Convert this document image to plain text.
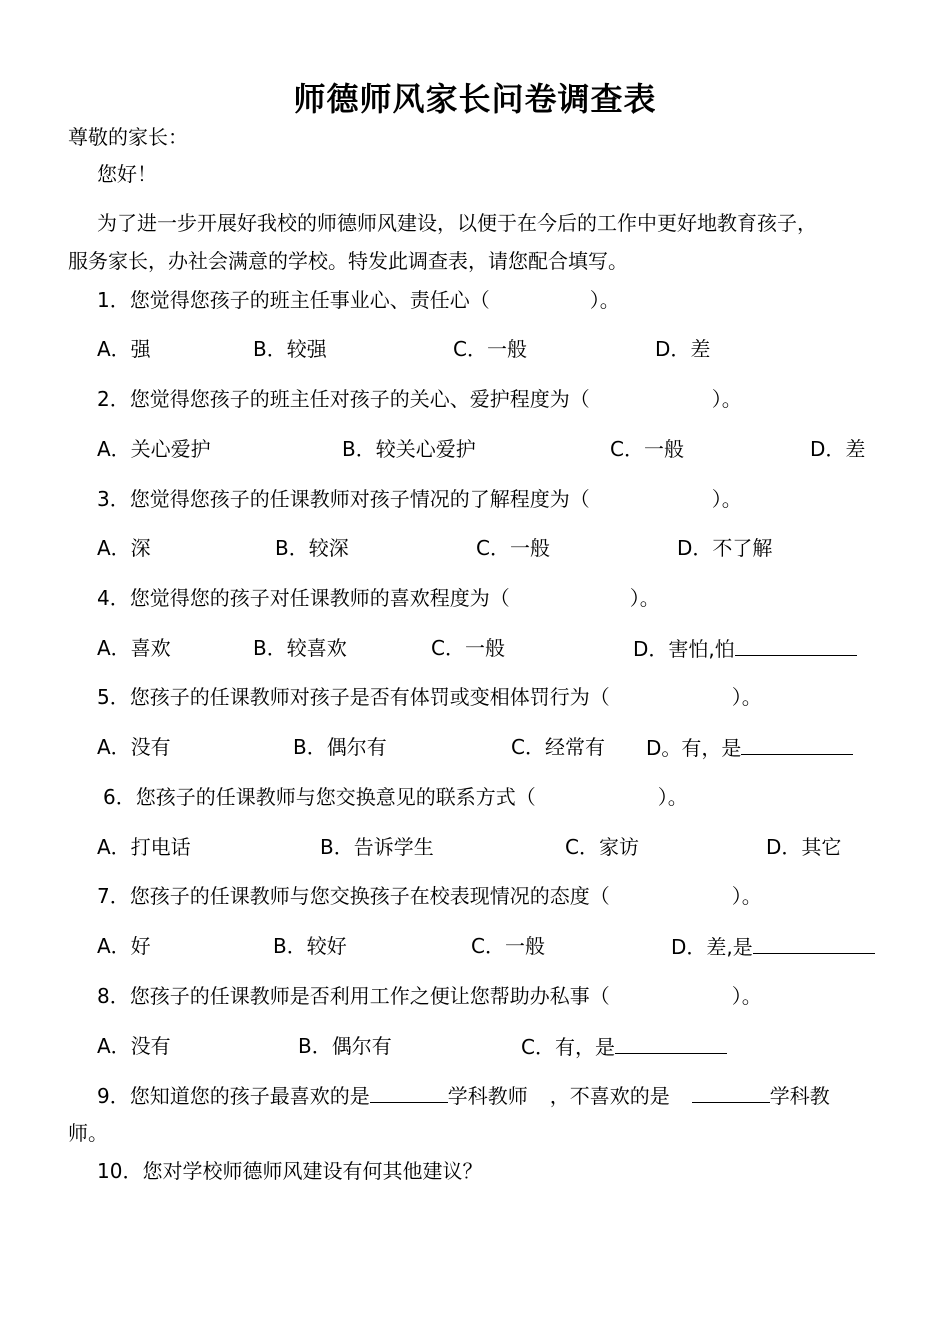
师德师风家长问卷调查表
尊敬的家长：
您好！
为了进一步开展好我校的师德师风建设，以便于在今后的工作中更好地教育孩子，
服务家长，办社会满意的学校。特发此调查表，请您配合填写。
1．您觉得您孩子的班主任事业心、责任心（	）。
A．强	B．较强	C．一般	D．差
2．您觉得您孩子的班主任对孩子的关心、爱护程度为（	）。
A．关心爱护	B．较关心爱护	C．一般	D．差
3．您觉得您孩子的任课教师对孩子情况的了解程度为（	）。
A．深	B．较深	C．一般	D．不了解
4．您觉得您的孩子对任课教师的喜欢程度为（	）。
A．喜欢	B．较喜欢	C．一般	D．害怕,怕
5．您孩子的任课教师对孩子是否有体罚或变相体罚行为（	）。
A．没有	B．偶尔有	C．经常有 D。有，是
6．您孩子的任课教师与您交换意见的联系方式（	）。
A．打电话	B．告诉学生	C．家访	D．其它
7．您孩子的任课教师与您交换孩子在校表现情况的态度（	）。
A．好	B．较好	C．一般	D．差,是
8．您孩子的任课教师是否利用工作之便让您帮助办私事（	）。
A．没有	B．偶尔有	C．有，是
9．您知道您的孩子最喜欢的是	学科教师 ，不喜欢的是	学科教
师。
10．您对学校师德师风建设有何其他建议？
